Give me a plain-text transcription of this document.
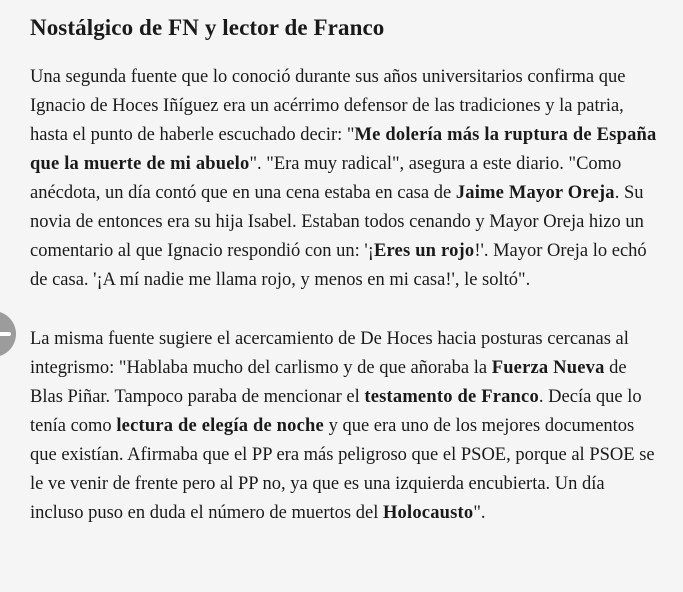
Nostálgico de FN y lector de Franco

Una segunda fuente que lo conoció durante sus años universitarios confirma que Ignacio de Hoces Iñíguez era un acérrimo defensor de las tradiciones y la patria, hasta el punto de haberle escuchado decir: "Me dolería más la ruptura de España que la muerte de mi abuelo". "Era muy radical", asegura a este diario. "Como anécdota, un día contó que en una cena estaba en casa de Jaime Mayor Oreja. Su novia de entonces era su hija Isabel. Estaban todos cenando y Mayor Oreja hizo un comentario al que Ignacio respondió con un: '¡Eres un rojo!'. Mayor Oreja lo echó de casa. '¡A mí nadie me llama rojo, y menos en mi casa!', le soltó".

La misma fuente sugiere el acercamiento de De Hoces hacia posturas cercanas al integrismo: "Hablaba mucho del carlismo y de que añoraba la Fuerza Nueva de Blas Piñar. Tampoco paraba de mencionar el testamento de Franco. Decía que lo tenía como lectura de elegía de noche y que era uno de los mejores documentos que existían. Afirmaba que el PP era más peligroso que el PSOE, porque al PSOE se le ve venir de frente pero al PP no, ya que es una izquierda encubierta. Un día incluso puso en duda el número de muertos del Holocausto".
